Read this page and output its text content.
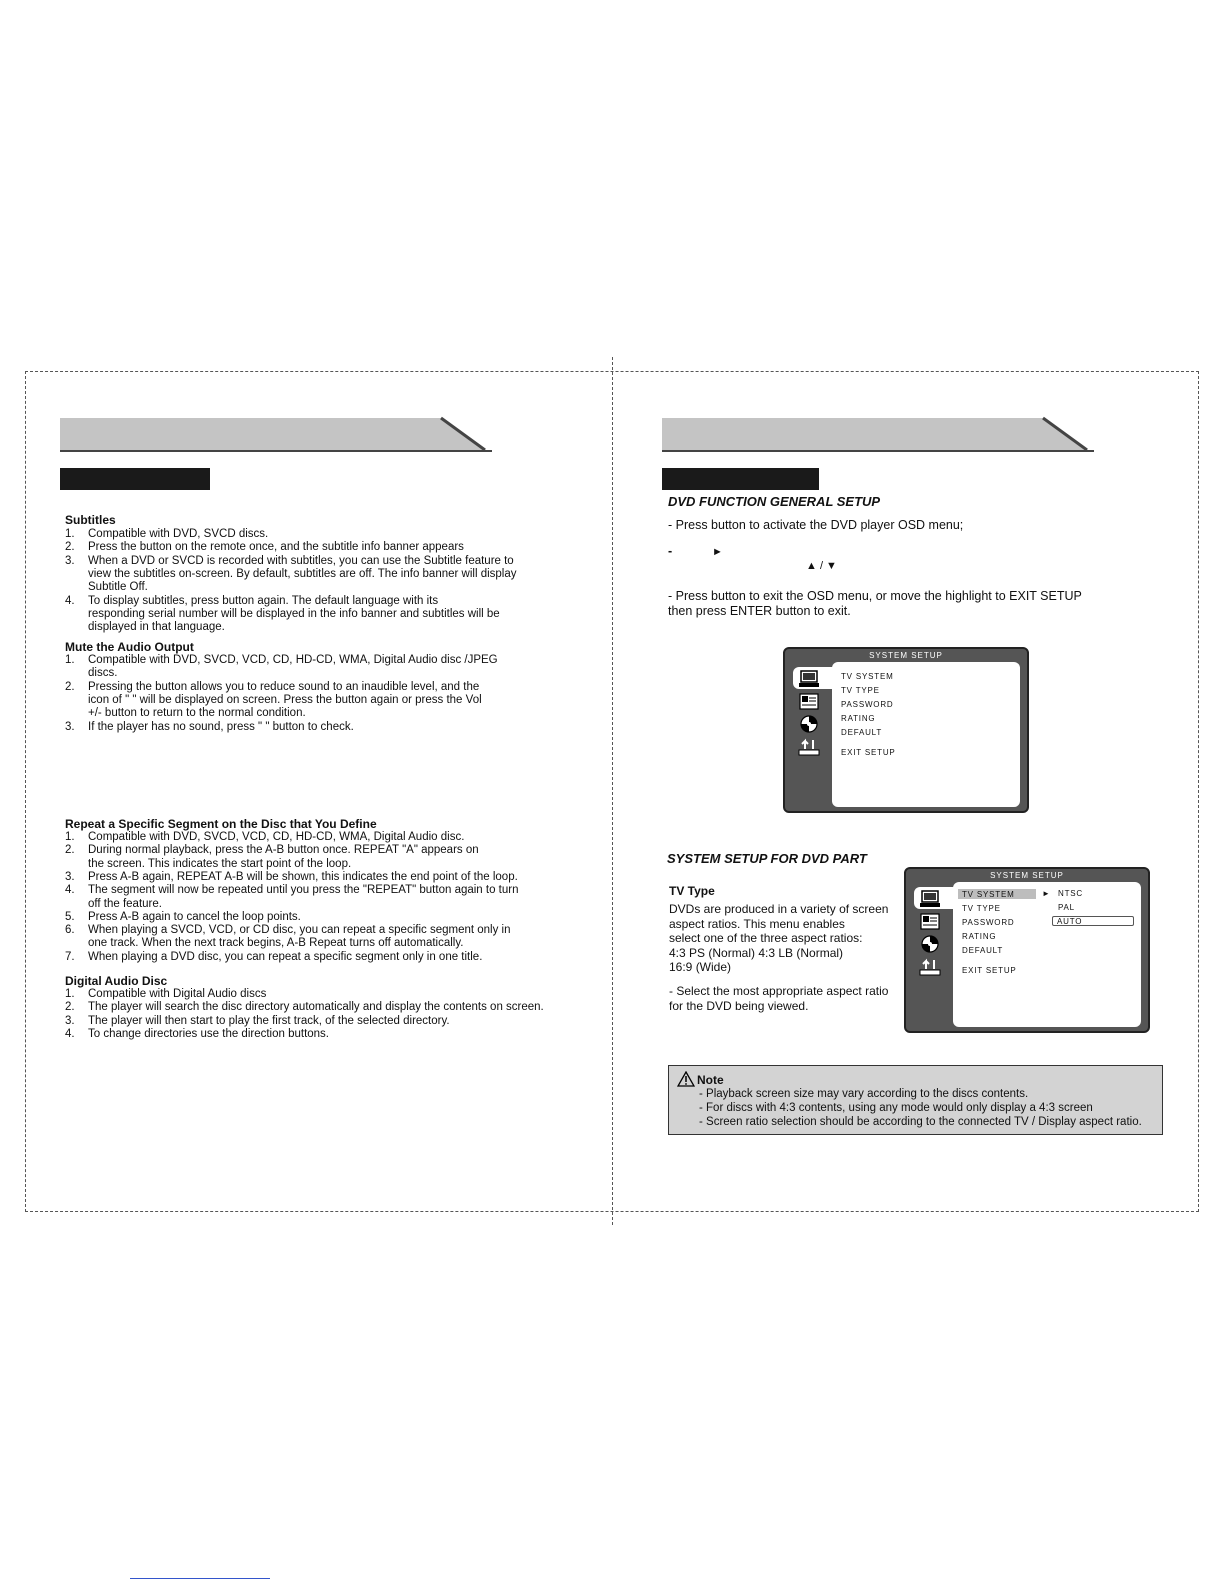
Subtitles
1. Compatible with DVD, SVCD discs.
2. Press the button on the remote once, and the subtitle info banner appears
3. When a DVD or SVCD is recorded with subtitles, you can use the Subtitle feature to
view the subtitles on-screen. By default, subtitles are off. The info banner will display
Subtitle Off.
4. To display subtitles, press button again. The default language with its
responding serial number will be displayed in the info banner and subtitles will be
displayed in that language.
Mute the Audio Output
1. Compatible with DVD, SVCD, VCD, CD, HD-CD, WMA, Digital Audio disc /JPEG
discs.
2. Pressing the button allows you to reduce sound to an inaudible level, and the
icon of " " will be displayed on screen. Press the button again or press the Vol
+/- button to return to the normal condition.
3. If the player has no sound, press " " button to check.
Repeat a Specific Segment on the Disc that You Define
1. Compatible with DVD, SVCD, VCD, CD, HD-CD, WMA, Digital Audio disc.
2. During normal playback, press the A-B button once. REPEAT "A" appears on
the screen. This indicates the start point of the loop.
3. Press A-B again, REPEAT A-B will be shown, this indicates the end point of the loop.
4. The segment will now be repeated until you press the "REPEAT" button again to turn
off the feature.
5. Press A-B again to cancel the loop points.
6. When playing a SVCD, VCD, or CD disc, you can repeat a specific segment only in
one track. When the next track begins, A-B Repeat turns off automatically.
7. When playing a DVD disc, you can repeat a specific segment only in one title.
Digital Audio Disc
1. Compatible with Digital Audio discs
2. The player will search the disc directory automatically and display the contents on screen.
3. The player will then start to play the first track, of the selected directory.
4. To change directories use the direction buttons.
DVD FUNCTION GENERAL SETUP
- Press button to activate the DVD player OSD menu;
-	►
▲ / ▼
- Press button to exit the OSD menu, or move the highlight to EXIT SETUP
then press ENTER button to exit.
SYSTEM SETUP
TV SYSTEM
TV TYPE
PASSWORD
RATING
DEFAULT
EXIT SETUP
SYSTEM SETUP FOR DVD PART
TV Type
DVDs are produced in a variety of screen
aspect ratios. This menu enables
select one of the three aspect ratios:
4:3 PS (Normal) 4:3 LB (Normal)
16:9 (Wide)
- Select the most appropriate aspect ratio
for the DVD being viewed.
SYSTEM SETUP
TV SYSTEM	► NTSC
PAL
AUTO
TV TYPE
PASSWORD
RATING
DEFAULT
EXIT SETUP
Note
- Playback screen size may vary according to the discs contents.
- For discs with 4:3 contents, using any mode would only display a 4:3 screen
- Screen ratio selection should be according to the connected TV / Display aspect ratio.
